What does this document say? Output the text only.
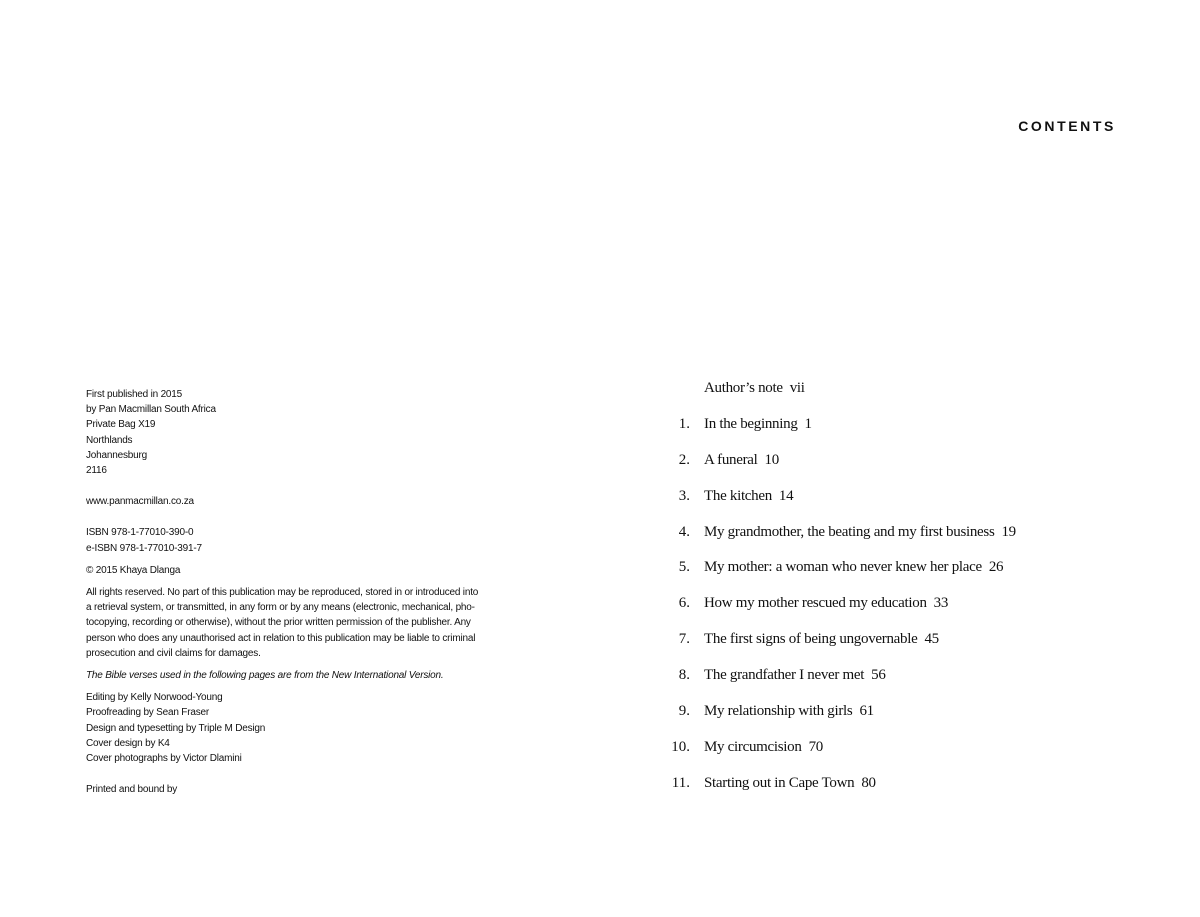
First published in 2015
by Pan Macmillan South Africa
Private Bag X19
Northlands
Johannesburg
2116
www.panmacmillan.co.za
ISBN 978-1-77010-390-0
e-ISBN 978-1-77010-391-7
© 2015 Khaya Dlanga
All rights reserved. No part of this publication may be reproduced, stored in or introduced into
a retrieval system, or transmitted, in any form or by any means (electronic, mechanical, pho-
tocopying, recording or otherwise), without the prior written permission of the publisher. Any
person who does any unauthorised act in relation to this publication may be liable to criminal
prosecution and civil claims for damages.
The Bible verses used in the following pages are from the New International Version.
Editing by Kelly Norwood-Young
Proofreading by Sean Fraser
Design and typesetting by Triple M Design
Cover design by K4
Cover photographs by Victor Dlamini
Printed and bound by
CONTENTS
Author’s note vii
1. In the beginning 1
2. A funeral 10
3. The kitchen 14
4. My grandmother, the beating and my first business 19
5. My mother: a woman who never knew her place 26
6. How my mother rescued my education 33
7. The first signs of being ungovernable 45
8. The grandfather I never met 56
9. My relationship with girls 61
10. My circumcision 70
11. Starting out in Cape Town 80
